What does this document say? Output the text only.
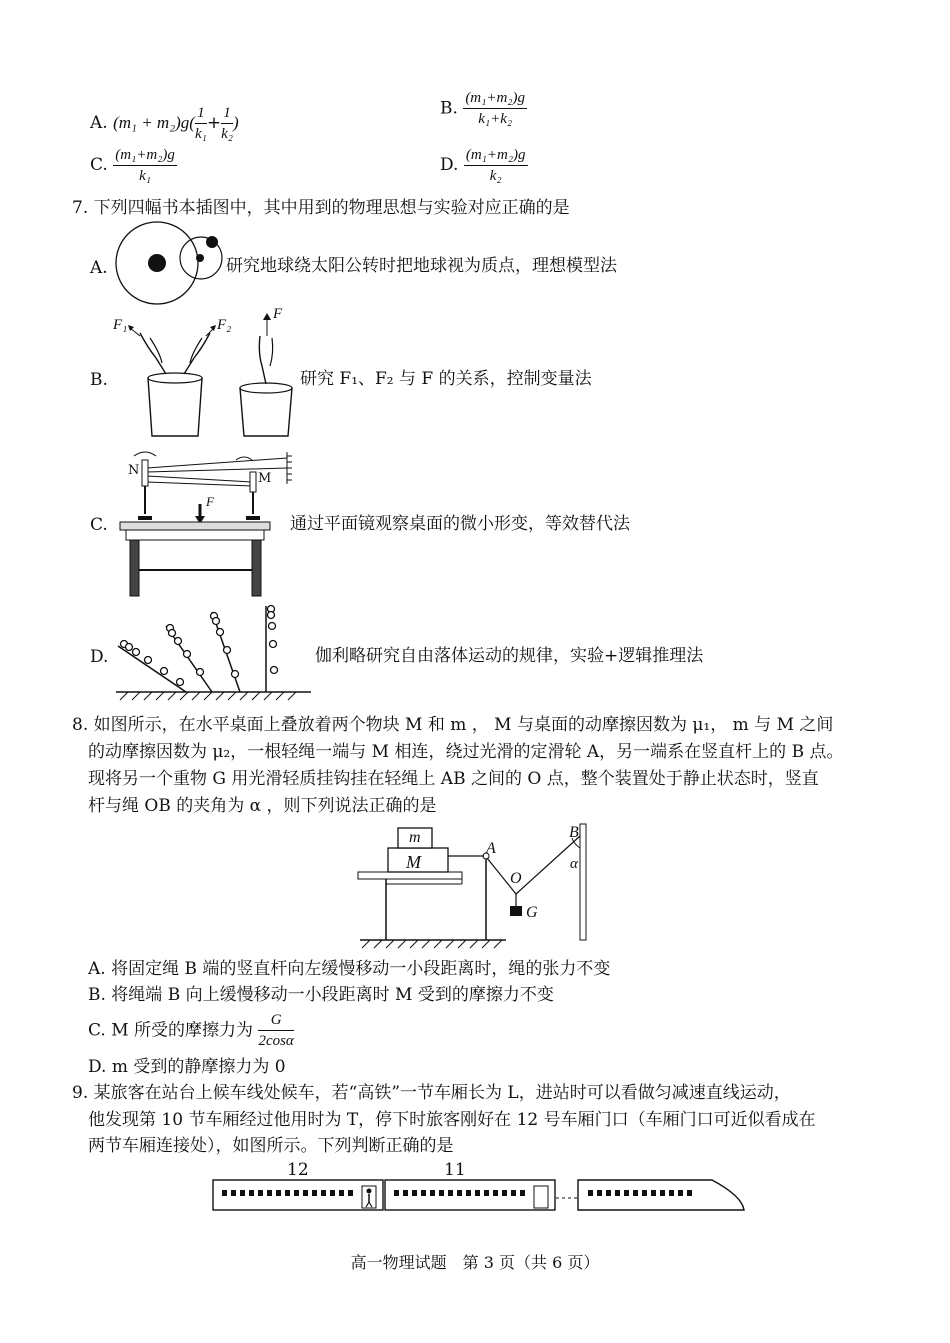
A. $(m_1 + m_2)g( \frac{1}{\text{k₁}} + \frac{1}{\text{k₂}}$ )
B. $\frac{\text{(m₁+m₂)g}}{\text{k₁+k₂}}$
C. $\frac{\text{(m₁+m₂)g}}{\text{k₁}}$	D. $\frac{\text{(m₁+m₂)g}}{\text{k₂}}$
7. 下列四幅书本插图中，其中用到的物理思想与实验对应正确的是
A.	研究地球绕太阳公转时把地球视为质点，理想模型法
B.
F₁	F₂
F
研究 F₁、F₂ 与 F 的关系，控制变量法
C.
N
M
F
通过平面镜观察桌面的微小形变，等效替代法
D.	伽利略研究自由落体运动的规律，实验+逻辑推理法
8. 如图所示，在水平桌面上叠放着两个物块 M 和 m ， M 与桌面的动摩擦因数为 μ₁， m 与 M 之间
的动摩擦因数为 μ₂，一根轻绳一端与 M 相连，绕过光滑的定滑轮 A，另一端系在竖直杆上的 B 点。
现将另一个重物 G 用光滑轻质挂钩挂在轻绳上 AB 之间的 O 点，整个装置处于静止状态时，竖直
杆与绳 OB 的夹角为 α ，则下列说法正确的是
m
M
A
B
O
G
α
A. 将固定绳 B 端的竖直杆向左缓慢移动一小段距离时，绳的张力不变
B. 将绳端 B 向上缓慢移动一小段距离时 M 受到的摩擦力不变
C. M 所受的摩擦力为 $\frac{G}{2\cos\alpha}$
D. m 受到的静摩擦力为 0
9. 某旅客在站台上候车线处候车，若“高铁”一节车厢长为 L，进站时可以看做匀减速直线运动，
他发现第 10 节车厢经过他用时为 T，停下时旅客刚好在 12 号车厢门口（车厢门口可近似看成在
两节车厢连接处），如图所示。下列判断正确的是
12	11
高一物理试题　第 3 页（共 6 页）
